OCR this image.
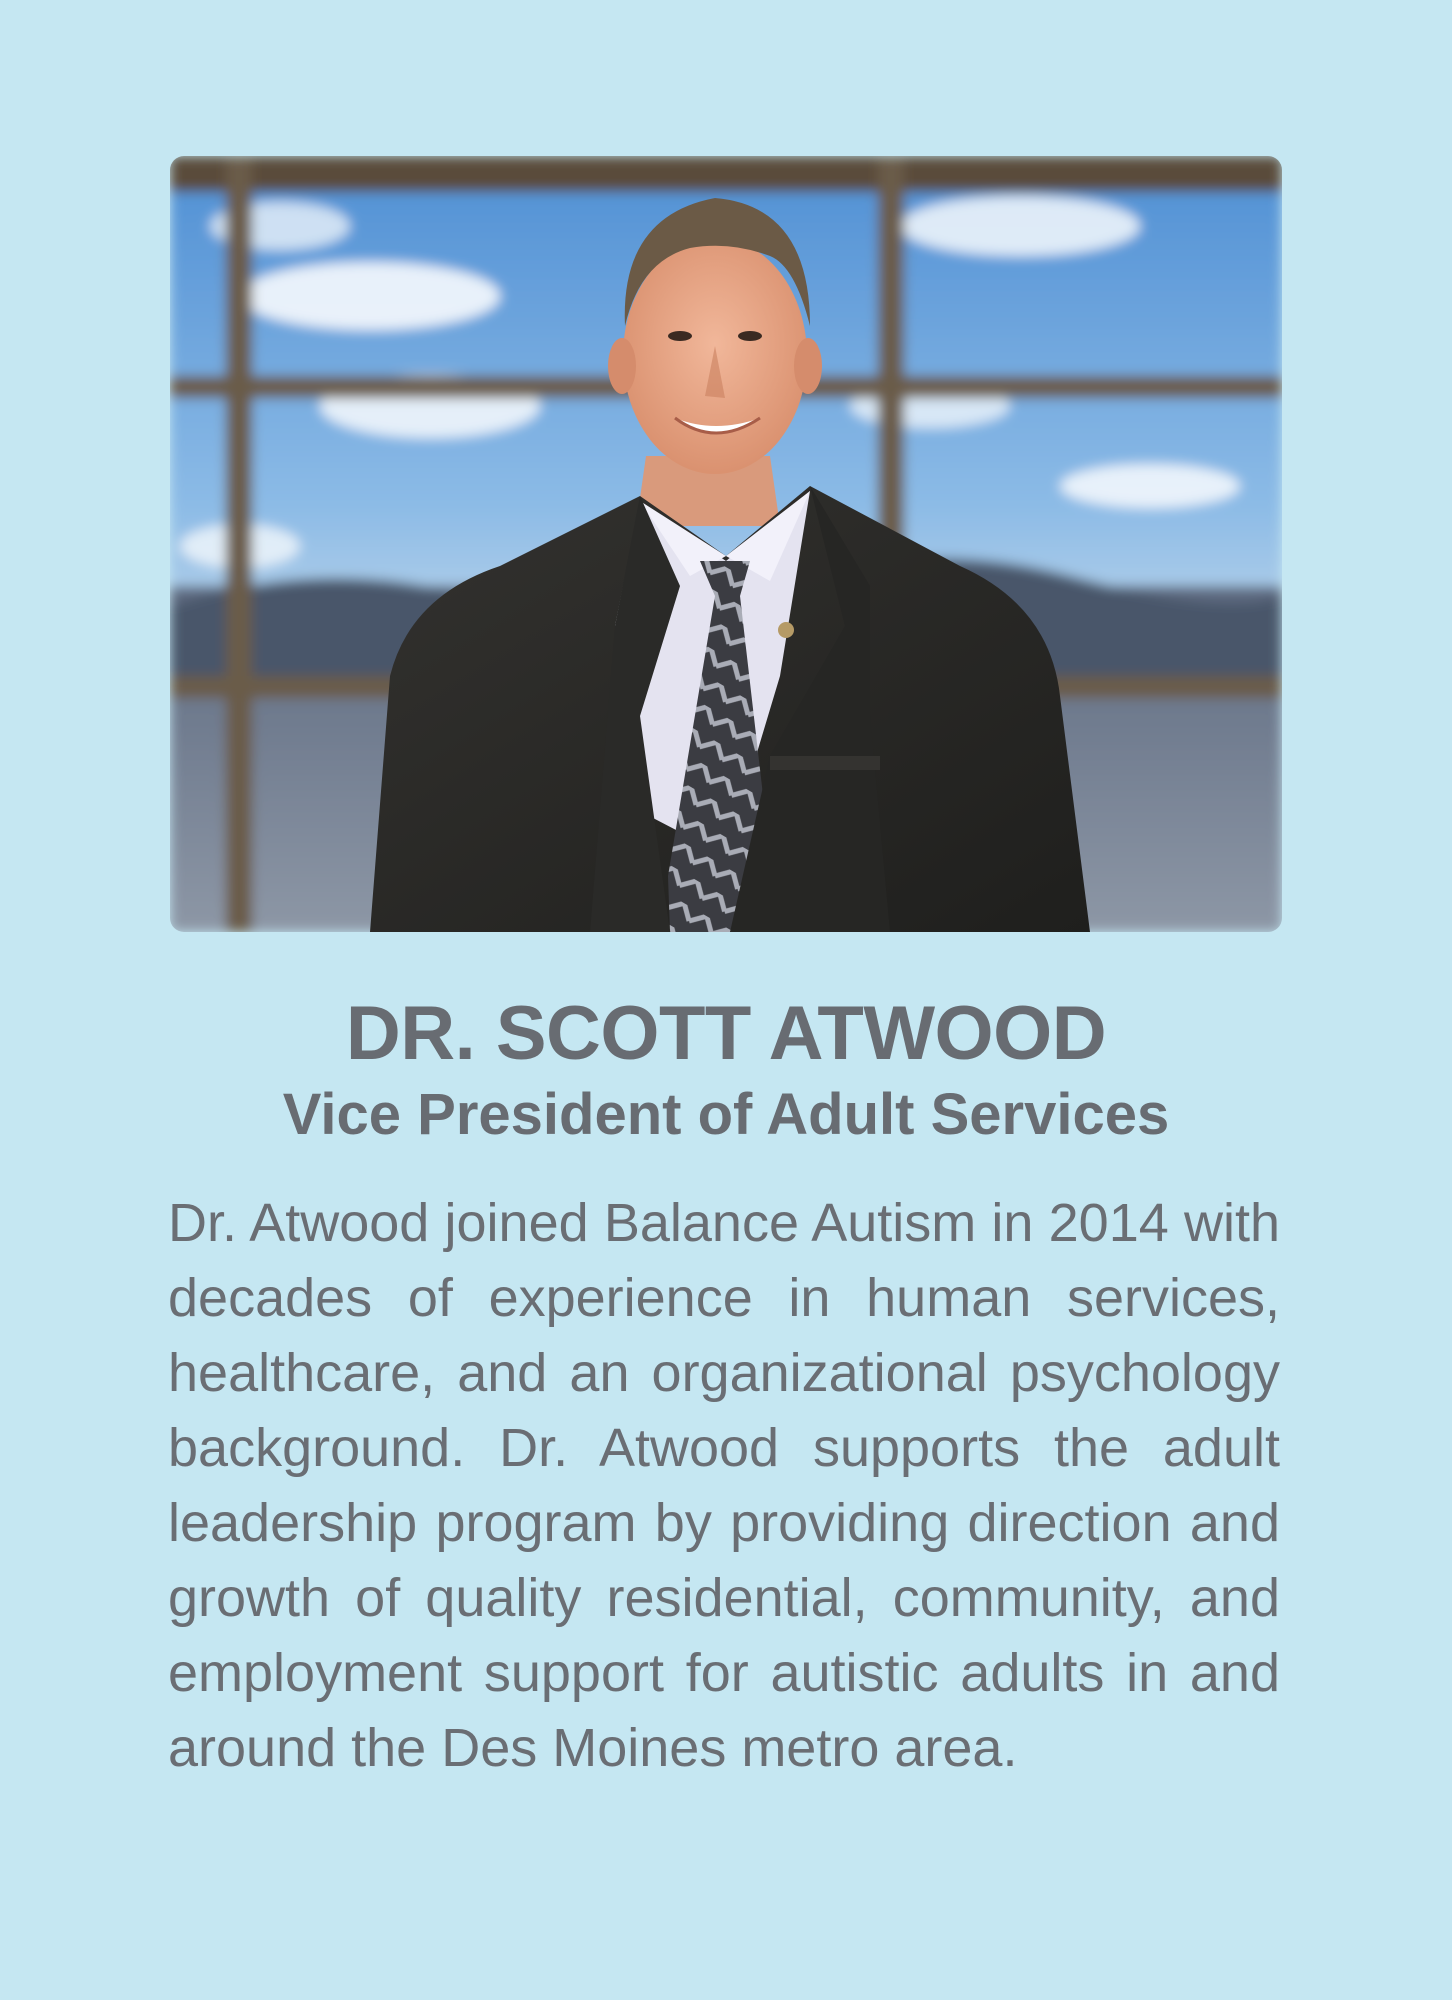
DR. SCOTT ATWOOD
Vice President of Adult Services

Dr. Atwood joined Balance Autism in 2014 with decades of experience in human services, healthcare, and an organizational psychology background. Dr. Atwood supports the adult leadership program by providing direction and growth of quality residential, community, and employment support for autistic adults in and around the Des Moines metro area.
